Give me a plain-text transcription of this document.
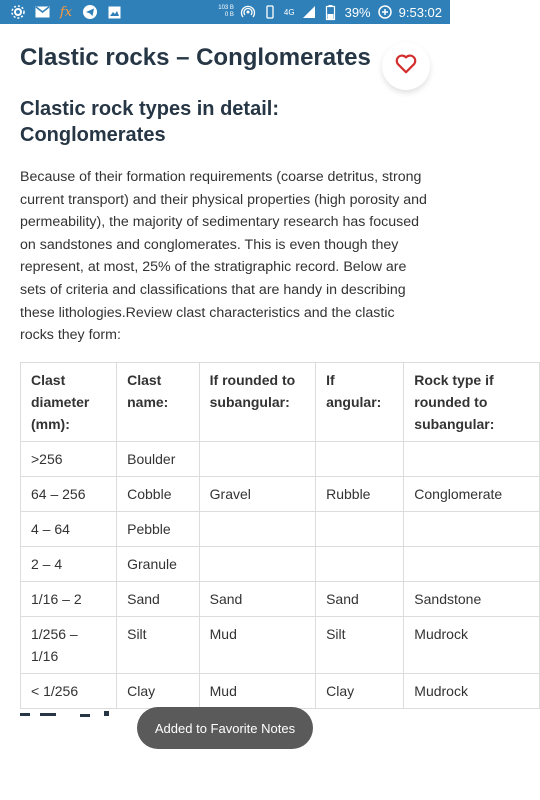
fx	103 B
0 B	4G	39% 9:53:02
Clastic rocks – Conglomerates
Clastic rock types in detail: Conglomerates

Because of their formation requirements (coarse detritus, strong current transport) and their physical properties (high porosity and permeability), the majority of sedimentary research has focused on sandstones and conglomerates. This is even though they represent, at most, 25% of the stratigraphic record. Below are sets of criteria and classifications that are handy in describing these lithologies.Review clast characteristics and the clastic rocks they form:

Clast diameter (mm):	Clast name:	If rounded to subangular:	If angular:	Rock type if rounded to subangular:
>256	Boulder			
64 – 256	Cobble	Gravel	Rubble	Conglomerate
4 – 64	Pebble			
2 – 4	Granule			
1/16 – 2	Sand	Sand	Sand	Sandstone
1/256 – 1/16	Silt	Mud	Silt	Mudrock
< 1/256	Clay	Mud	Clay	Mudrock
Added to Favorite Notes
